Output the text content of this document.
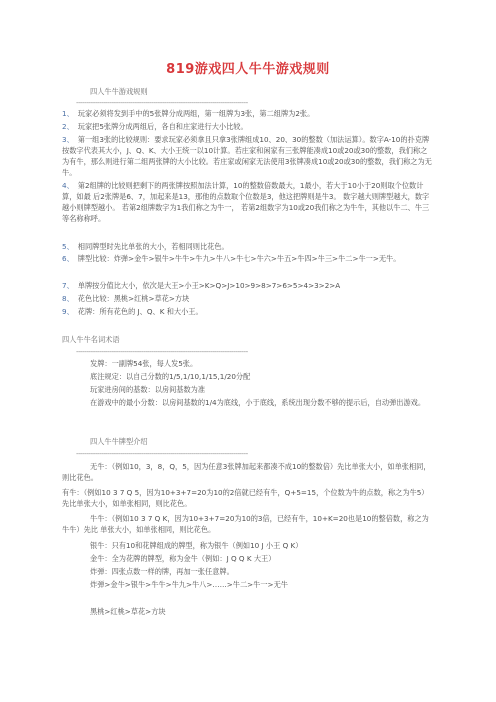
819游戏四人牛牛游戏规则
四人牛牛游戏规则
----------------------------------------------------------------------------------
1、 玩家必须将发到手中的5张牌分成两组，第一组牌为3张，第二组牌为2张。
2、 玩家把5张牌分成两组后，各自和庄家进行大小比较。
3、 第一组3张的比较规则：要求玩家必须拿且只拿3张牌组成10、20、30的整数（加法运算）。数字A-10的扑克牌按数字代表其大小，J、Q、K、大小王统一以10计算。若庄家和闲家有三张牌能凑成10或20或30的整数，我们称之为有牛，那么则进行第二组两张牌的大小比较。若庄家或闲家无法使用3张牌凑成10或20或30的整数，我们称之为无牛。
4、 第2组牌的比较则把剩下的两张牌按照加法计算，10的整数倍数最大，1最小，若大于10小于20则取个位数计算，如最 后2张牌是6、7，加起来是13，那他的点数取个位数是3，他这把牌则是牛3。 数字越大则牌型越大，数字越小则牌型越小。 若第2组牌数字为1我们称之为牛一， 若第2组数字为10或20我们称之为牛牛，其他以牛二、牛三等名称称呼。
5、 相同牌型时先比单张的大小，若相同则比花色。
6、 牌型比较：炸弹>金牛>银牛>牛牛>牛九>牛八>牛七>牛六>牛五>牛四>牛三>牛二>牛一>无牛。
7、 单牌按分值比大小，依次是大王>小王>K>Q>J>10>9>8>7>6>5>4>3>2>A
8、 花色比较：黑桃>红桃>草花>方块
9、 花牌：所有花色的 J、Q、K 和大小王。
四人牛牛名词术语
----------------------------------------------------------------------------------
发牌：一副牌54张，每人发5张。
底注规定：以自己分数的1/5,1/10,1/15,1/20分配
玩家进房间的基数：以房间基数为准
在游戏中的最小分数：以房间基数的1/4为底线，小于底线，系统出现分数不够的提示后，自动弹出游戏。
四人牛牛牌型介绍
----------------------------------------------------------------------------------
无牛：（例如10，3，8，Q，5，因为任意3张牌加起来都凑不成10的整数倍）先比单张大小，如单张相同，则比花色。
有牛：（例如10 3 7 Q 5，因为10+3+7=20为10的2倍就已经有牛，Q+5=15，个位数为牛的点数，称之为牛5）先比单张大小，如单张相同，则比花色。
牛牛：（例如10 3 7 Q K，因为10+3+7=20为10的3倍，已经有牛，10+K=20也是10的整倍数，称之为牛牛）先比 单张大小，如单张相同，则比花色。
银牛：只有10和花牌组成的牌型，称为银牛（例如10 J 小王 Q K）
金牛：全为花牌的牌型，称为金牛（例如：J Q Q K 大王）
炸弹：四张点数一样的牌，再加一张任意牌。
炸弹>金牛>银牛>牛牛>牛九>牛八>……>牛二>牛一>无牛
黑桃>红桃>草花>方块
